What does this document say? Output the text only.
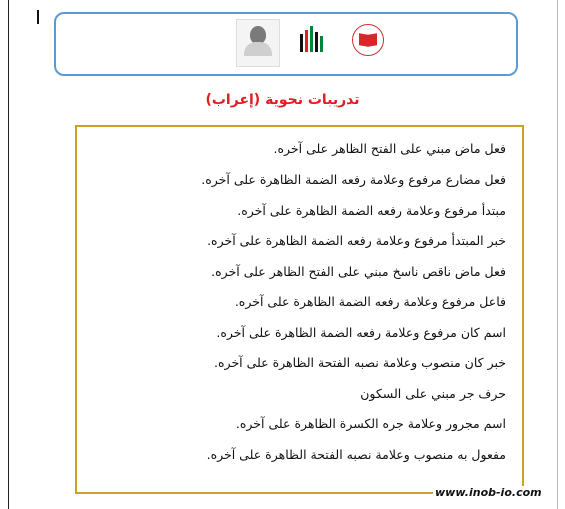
تدريبات نحوية (إعراب)
فعل ماض مبني على الفتح الظاهر على آخره.
فعل مضارع مرفوع وعلامة رفعه الضمة الظاهرة على آخره.
مبتدأ مرفوع وعلامة رفعه الضمة الظاهرة على آخره.
خبر المبتدأ مرفوع وعلامة رفعه الضمة الظاهرة على آخره.
فعل ماض ناقص ناسخ مبني على الفتح الظاهر على آخره.
فاعل مرفوع وعلامة رفعه الضمة الظاهرة على آخره.
اسم كان مرفوع وعلامة رفعه الضمة الظاهرة على آخره.
خبر كان منصوب وعلامة نصبه الفتحة الظاهرة على آخره.
حرف جر مبني على السكون
اسم مجرور وعلامة جره الكسرة الظاهرة على آخره.
مفعول به منصوب وعلامة نصبه الفتحة الظاهرة على آخره.
www.inob-io.com
